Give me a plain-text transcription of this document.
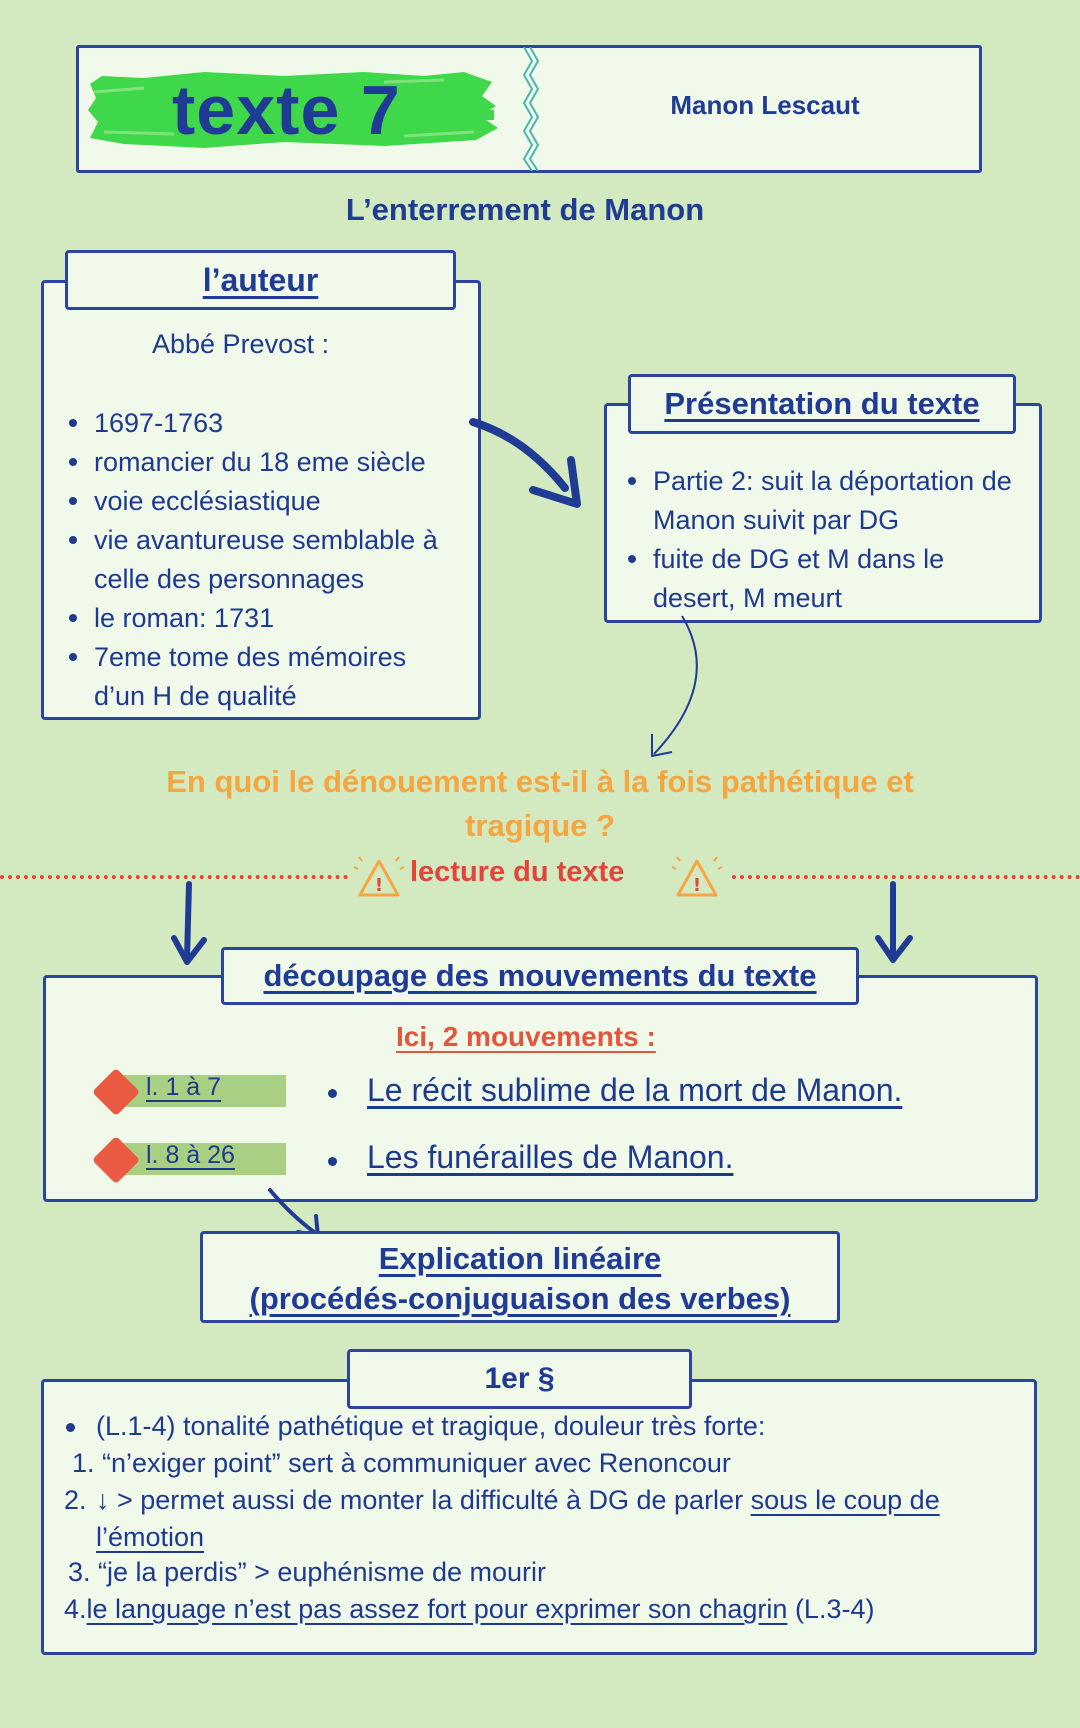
texte 7	Manon Lescaut
L’enterrement de Manon
Abbé Prevost :
1697-1763
romancier du 18 eme siècle
voie ecclésiastique
vie avantureuse semblable à celle des personnages
le roman: 1731
7eme tome des mémoires d’un H de qualité
l’auteur
Partie 2: suit la déportation de Manon suivit par DG
fuite de DG et M dans le desert, M meurt
Présentation du texte
En quoi le dénouement est-il à la fois pathétique et tragique ?
! lecture du texte	!
Ici, 2 mouvements :
l. 1 à 7	Le récit sublime de la mort de Manon.
l. 8 à 26	Les funérailles de Manon.
découpage des mouvements du texte
Explication linéaire
(procédés-conjuguaison des verbes)
(L.1-4) tonalité pathétique et tragique, douleur très forte:
1. “n’exiger point” sert à communiquer avec Renoncour
2. ↓ > permet aussi de monter la difficulté à DG de parler sous le coup de l’émotion
3. “je la perdis” > euphénisme de mourir
4.le language n’est pas assez fort pour exprimer son chagrin (L.3-4)
1er §
